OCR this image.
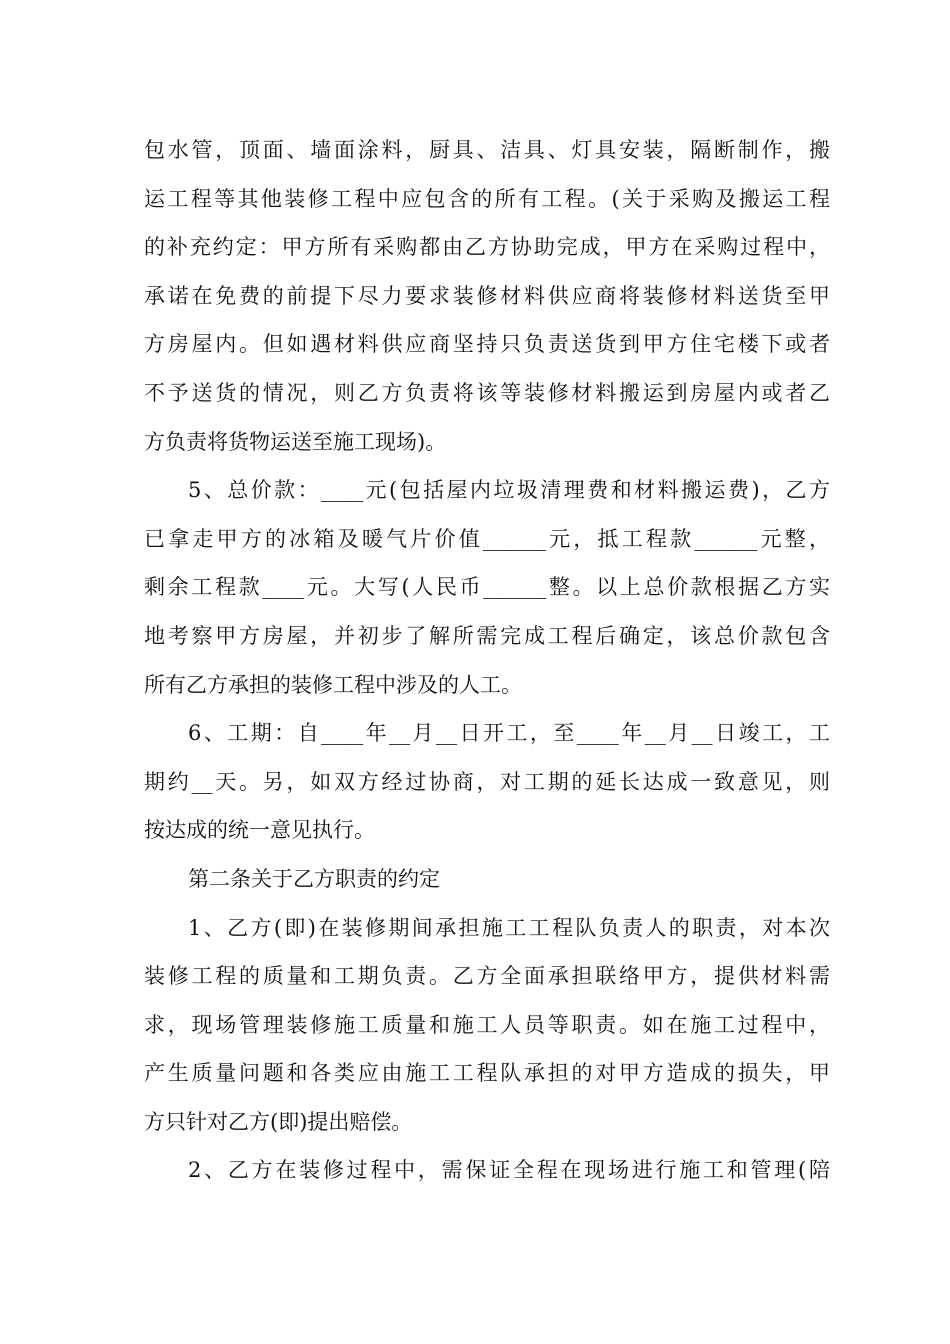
包水管，顶面、墙面涂料，厨具、洁具、灯具安装，隔断制作，搬
运工程等其他装修工程中应包含的所有工程。(关于采购及搬运工程
的补充约定：甲方所有采购都由乙方协助完成，甲方在采购过程中，
承诺在免费的前提下尽力要求装修材料供应商将装修材料送货至甲
方房屋内。但如遇材料供应商坚持只负责送货到甲方住宅楼下或者
不予送货的情况，则乙方负责将该等装修材料搬运到房屋内或者乙
方负责将货物运送至施工现场)。
5、总价款：____元(包括屋内垃圾清理费和材料搬运费)，乙方
已拿走甲方的冰箱及暖气片价值______元，抵工程款______元整，
剩余工程款____元。大写(人民币______整。以上总价款根据乙方实
地考察甲方房屋，并初步了解所需完成工程后确定，该总价款包含
所有乙方承担的装修工程中涉及的人工。
6、工期：自____年__月__日开工，至____年__月__日竣工，工
期约__天。另，如双方经过协商，对工期的延长达成一致意见，则
按达成的统一意见执行。
第二条关于乙方职责的约定
1、乙方(即)在装修期间承担施工工程队负责人的职责，对本次
装修工程的质量和工期负责。乙方全面承担联络甲方，提供材料需
求，现场管理装修施工质量和施工人员等职责。如在施工过程中，
产生质量问题和各类应由施工工程队承担的对甲方造成的损失，甲
方只针对乙方(即)提出赔偿。
2、乙方在装修过程中，需保证全程在现场进行施工和管理(陪
